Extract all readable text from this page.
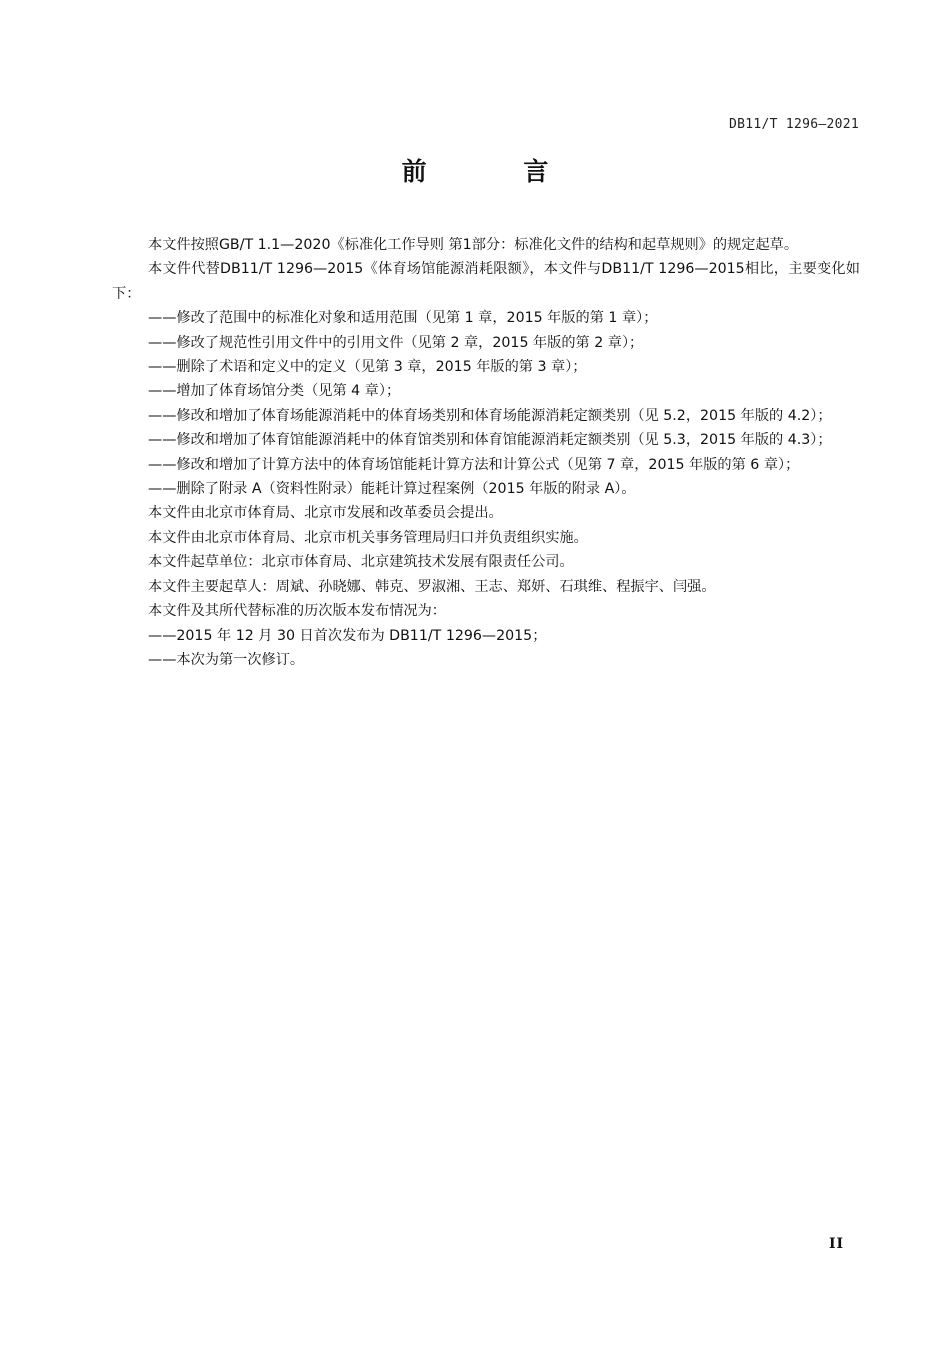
DB11/T 1296—2021
前 言

本文件按照GB/T 1.1—2020《标准化工作导则 第1部分：标准化文件的结构和起草规则》的规定起草。

本文件代替DB11/T 1296—2015《体育场馆能源消耗限额》，本文件与DB11/T 1296—2015相比，主要变化如下：

——修改了范围中的标准化对象和适用范围（见第 1 章，2015 年版的第 1 章）；

——修改了规范性引用文件中的引用文件（见第 2 章，2015 年版的第 2 章）；

——删除了术语和定义中的定义（见第 3 章，2015 年版的第 3 章）；

——增加了体育场馆分类（见第 4 章）；

——修改和增加了体育场能源消耗中的体育场类别和体育场能源消耗定额类别（见 5.2，2015 年版的 4.2）；

——修改和增加了体育馆能源消耗中的体育馆类别和体育馆能源消耗定额类别（见 5.3，2015 年版的 4.3）；

——修改和增加了计算方法中的体育场馆能耗计算方法和计算公式（见第 7 章，2015 年版的第 6 章）；

——删除了附录 A（资料性附录）能耗计算过程案例（2015 年版的附录 A）。

本文件由北京市体育局、北京市发展和改革委员会提出。

本文件由北京市体育局、北京市机关事务管理局归口并负责组织实施。

本文件起草单位：北京市体育局、北京建筑技术发展有限责任公司。

本文件主要起草人：周斌、孙晓娜、韩克、罗淑湘、王志、郑妍、石琪维、程振宇、闫强。

本文件及其所代替标准的历次版本发布情况为：

——2015 年 12 月 30 日首次发布为 DB11/T 1296—2015；

——本次为第一次修订。

II
